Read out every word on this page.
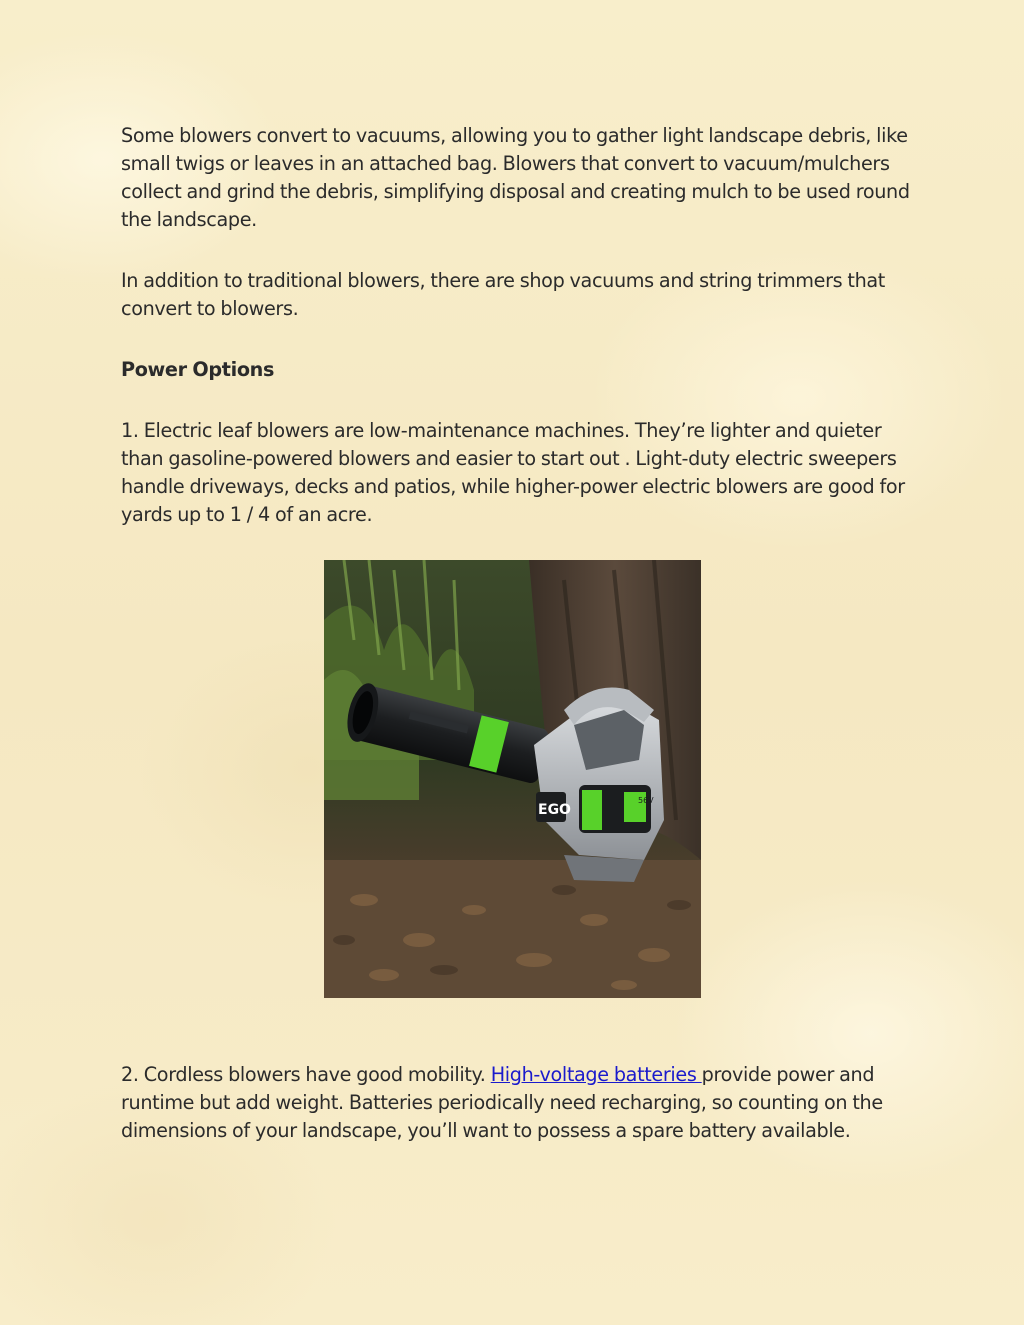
Some blowers convert to vacuums, allowing you to gather light landscape debris, like small twigs or leaves in an attached bag. Blowers that convert to vacuum/mulchers collect and grind the debris, simplifying disposal and creating mulch to be used round the landscape.

In addition to traditional blowers, there are shop vacuums and string trimmers that convert to blowers.

Power Options

1. Electric leaf blowers are low-maintenance machines. They’re lighter and quieter than gasoline-powered blowers and easier to start out . Light-duty electric sweepers handle driveways, decks and patios, while higher-power electric blowers are good for yards up to 1 / 4 of an acre.

EGO
56V

2. Cordless blowers have good mobility. High-voltage batteries provide power and runtime but add weight. Batteries periodically need recharging, so counting on the dimensions of your landscape, you’ll want to possess a spare battery available.
